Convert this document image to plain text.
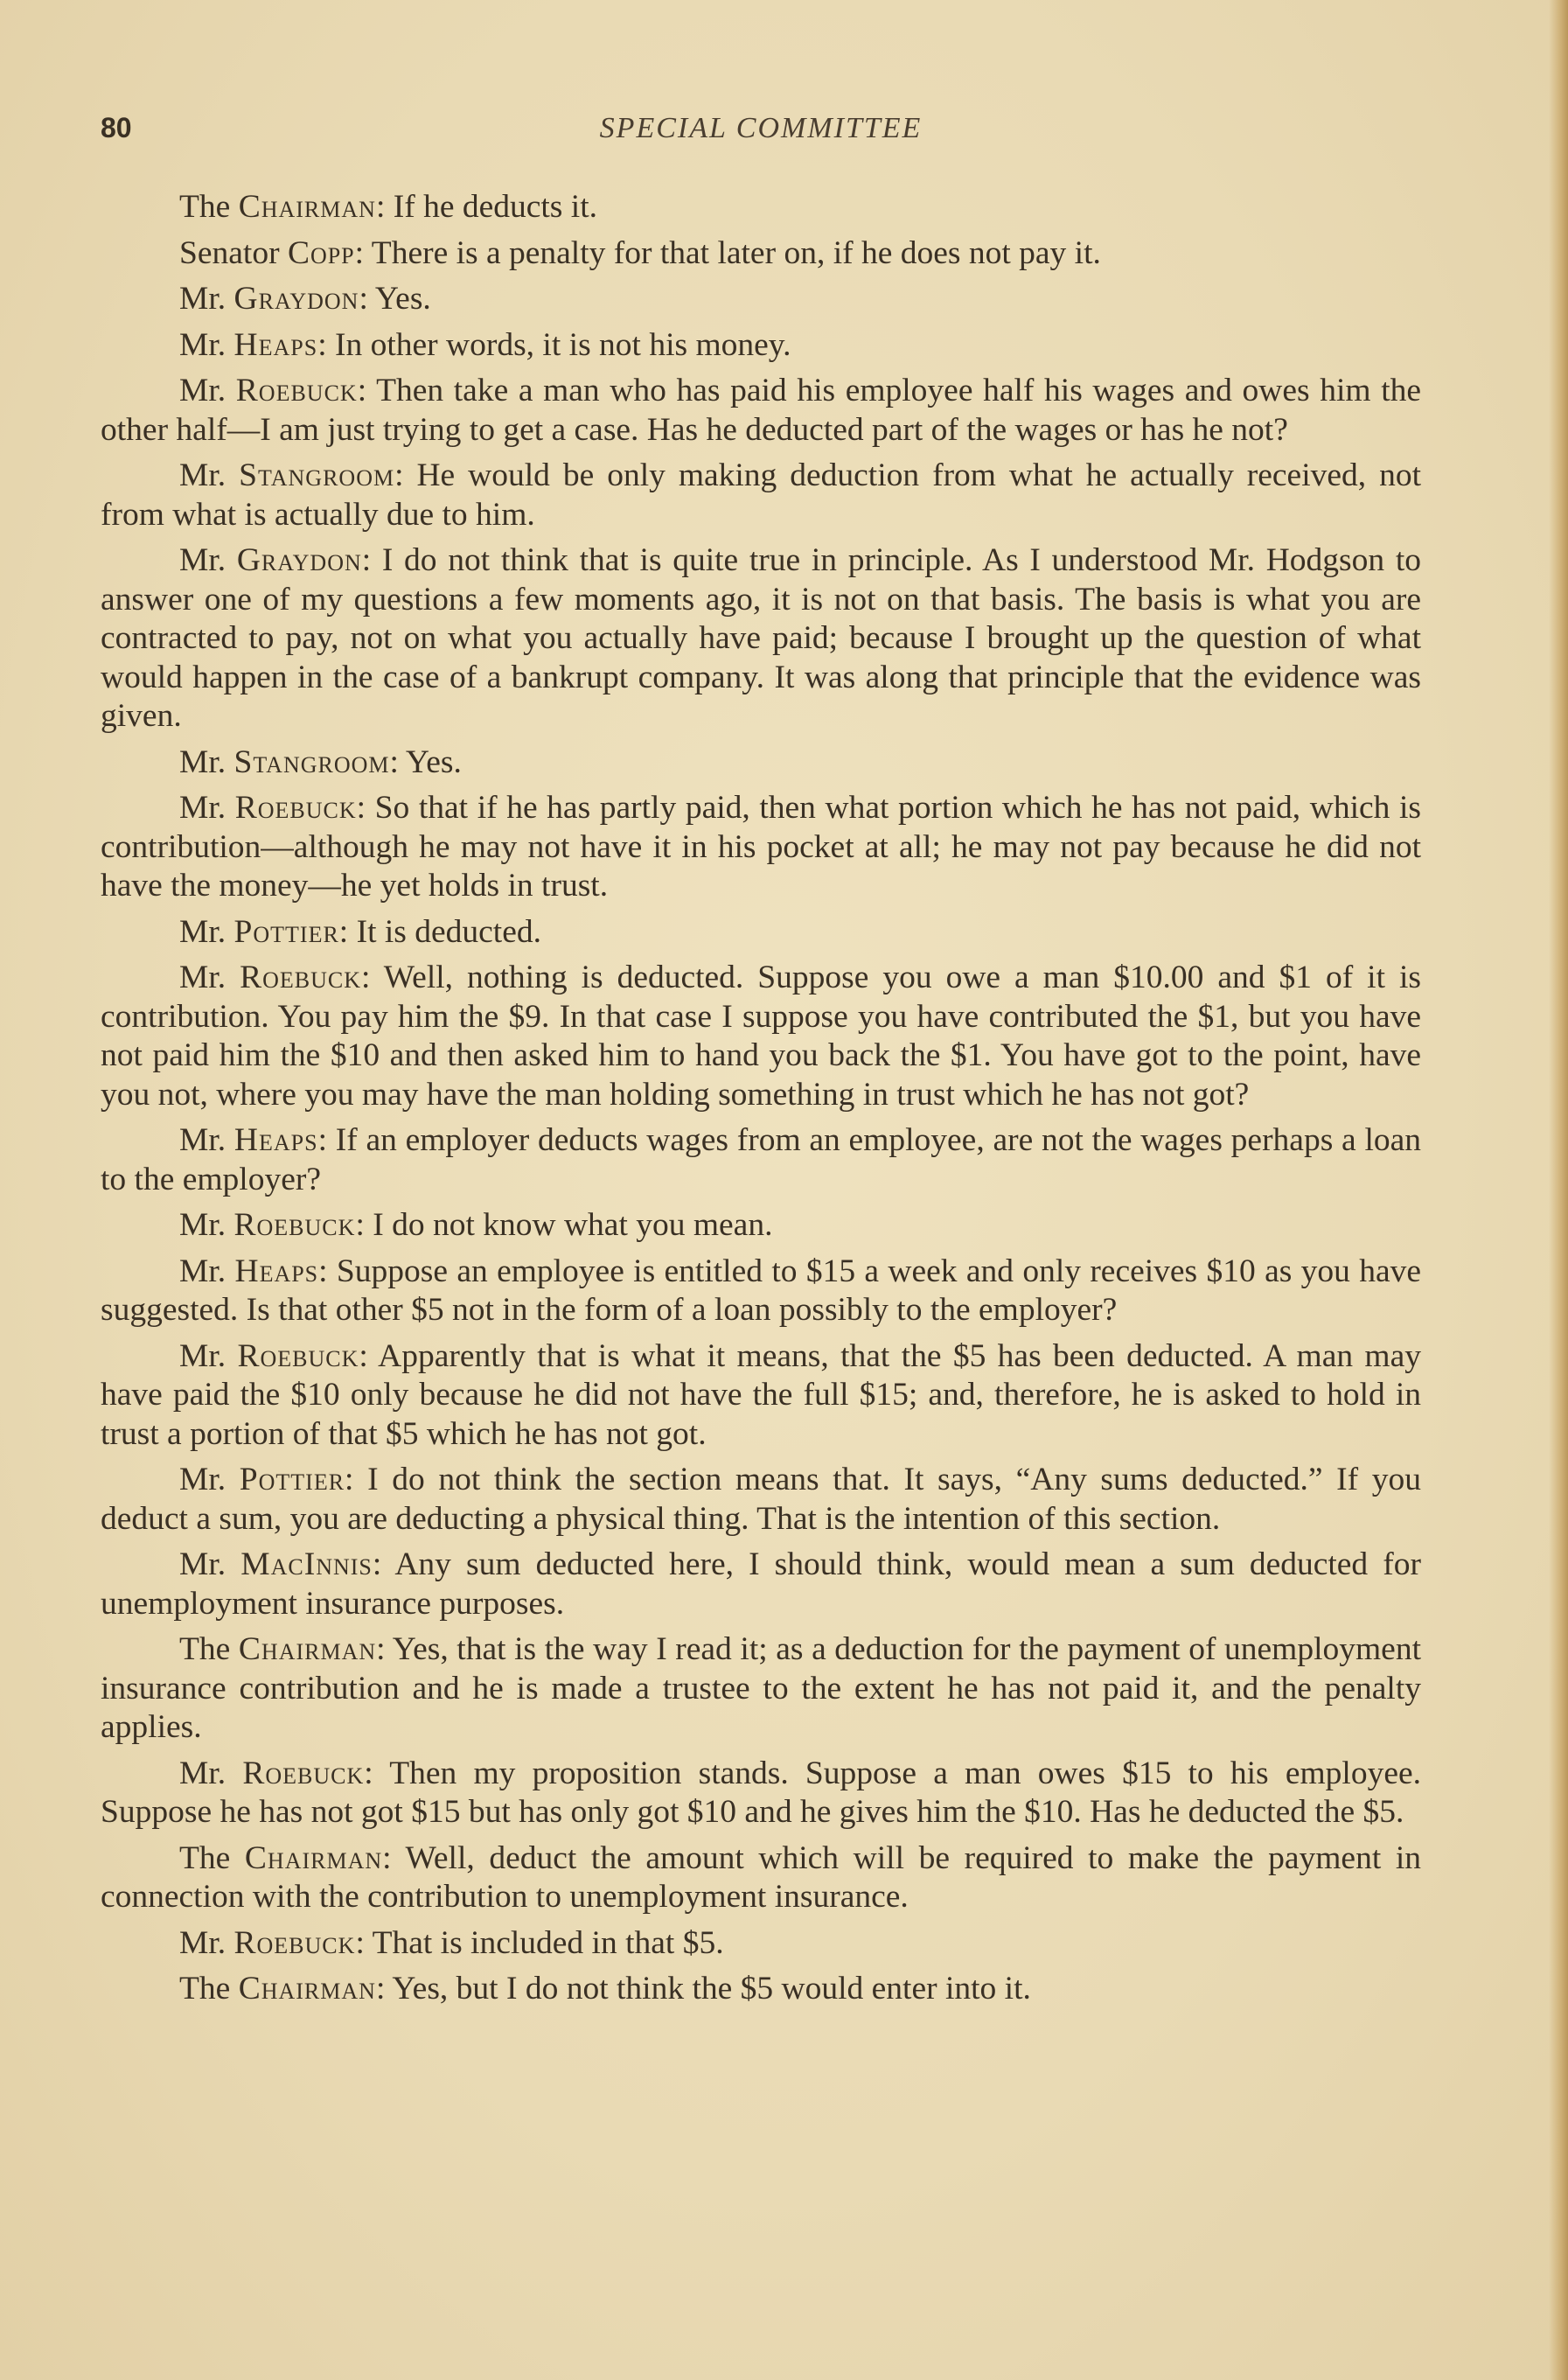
80	SPECIAL COMMITTEE

The Chairman: If he deducts it.

Senator Copp: There is a penalty for that later on, if he does not pay it.

Mr. Graydon: Yes.

Mr. Heaps: In other words, it is not his money.

Mr. Roebuck: Then take a man who has paid his employee half his wages and owes him the other half—I am just trying to get a case. Has he deducted part of the wages or has he not?

Mr. Stangroom: He would be only making deduction from what he actually received, not from what is actually due to him.

Mr. Graydon: I do not think that is quite true in principle. As I understood Mr. Hodgson to answer one of my questions a few moments ago, it is not on that basis. The basis is what you are contracted to pay, not on what you actually have paid; because I brought up the question of what would happen in the case of a bankrupt company. It was along that principle that the evidence was given.

Mr. Stangroom: Yes.

Mr. Roebuck: So that if he has partly paid, then what portion which he has not paid, which is contribution—although he may not have it in his pocket at all; he may not pay because he did not have the money—he yet holds in trust.

Mr. Pottier: It is deducted.

Mr. Roebuck: Well, nothing is deducted. Suppose you owe a man $10.00 and $1 of it is contribution. You pay him the $9. In that case I suppose you have contributed the $1, but you have not paid him the $10 and then asked him to hand you back the $1. You have got to the point, have you not, where you may have the man holding something in trust which he has not got?

Mr. Heaps: If an employer deducts wages from an employee, are not the wages perhaps a loan to the employer?

Mr. Roebuck: I do not know what you mean.

Mr. Heaps: Suppose an employee is entitled to $15 a week and only receives $10 as you have suggested. Is that other $5 not in the form of a loan possibly to the employer?

Mr. Roebuck: Apparently that is what it means, that the $5 has been deducted. A man may have paid the $10 only because he did not have the full $15; and, therefore, he is asked to hold in trust a portion of that $5 which he has not got.

Mr. Pottier: I do not think the section means that. It says, “Any sums deducted.” If you deduct a sum, you are deducting a physical thing. That is the intention of this section.

Mr. MacInnis: Any sum deducted here, I should think, would mean a sum deducted for unemployment insurance purposes.

The Chairman: Yes, that is the way I read it; as a deduction for the payment of unemployment insurance contribution and he is made a trustee to the extent he has not paid it, and the penalty applies.

Mr. Roebuck: Then my proposition stands. Suppose a man owes $15 to his employee. Suppose he has not got $15 but has only got $10 and he gives him the $10. Has he deducted the $5.

The Chairman: Well, deduct the amount which will be required to make the payment in connection with the contribution to unemployment insurance.

Mr. Roebuck: That is included in that $5.

The Chairman: Yes, but I do not think the $5 would enter into it.
